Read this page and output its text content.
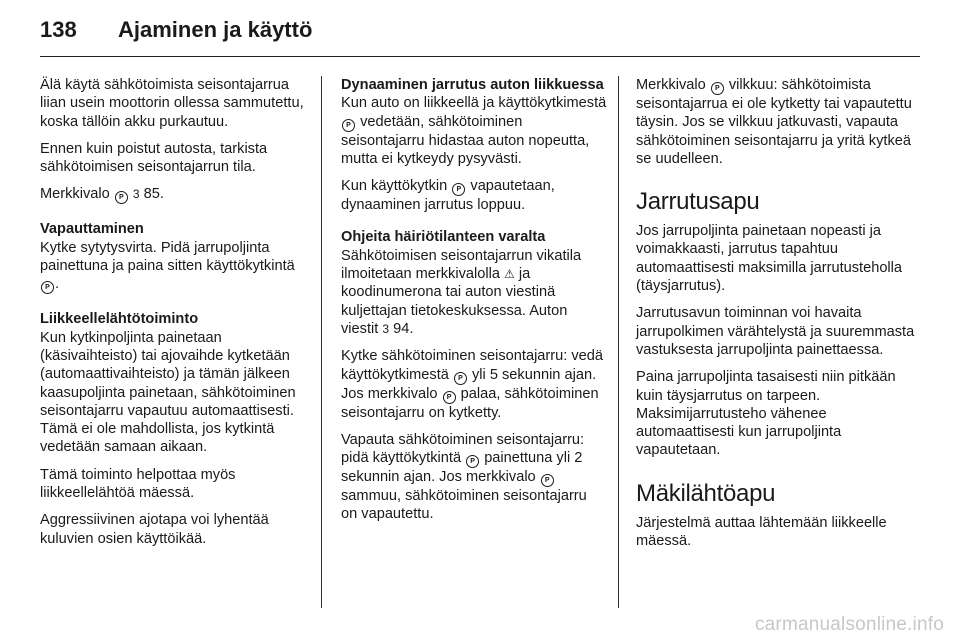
138	Ajaminen ja käyttö

Älä käytä sähkötoimista seisontajarrua liian usein moottorin ollessa sammutettu, koska tällöin akku purkautuu.

Ennen kuin poistut autosta, tarkista sähkötoimisen seisontajarrun tila.

Merkkivalo P 3 85.

Vapauttaminen

Kytke sytytysvirta. Pidä jarrupoljinta painettuna ja paina sitten käyttökytkintä P .

Liikkeellelähtötoiminto

Kun kytkinpoljinta painetaan (käsivaihteisto) tai ajovaihde kytketään (automaattivaihteisto) ja tämän jälkeen kaasupoljinta painetaan, sähkötoiminen seisontajarru vapautuu automaattisesti. Tämä ei ole mahdollista, jos kytkintä vedetään samaan aikaan.

Tämä toiminto helpottaa myös liikkeellelähtöä mäessä.

Aggressiivinen ajotapa voi lyhentää kuluvien osien käyttöikää.

Dynaaminen jarrutus auton liikkuessa

Kun auto on liikkeellä ja käyttökytkimestä P vedetään, sähkötoiminen seisontajarru hidastaa auton nopeutta, mutta ei kytkeydy pysyvästi.

Kun käyttökytkin P vapautetaan, dynaaminen jarrutus loppuu.

Ohjeita häiriötilanteen varalta

Sähkötoimisen seisontajarrun vikatila ilmoitetaan merkkivalolla ⚠ ja koodinumerona tai auton viestinä kuljettajan tietokeskuksessa. Auton viestit 3 94.

Kytke sähkötoiminen seisontajarru: vedä käyttökytkimestä P yli 5 sekunnin ajan. Jos merkkivalo P palaa, sähkötoiminen seisontajarru on kytketty.

Vapauta sähkötoiminen seisontajarru: pidä käyttökytkintä P painettuna yli 2 sekunnin ajan. Jos merkkivalo P sammuu, sähkötoiminen seisontajarru on vapautettu.

Merkkivalo P vilkkuu: sähkötoimista seisontajarrua ei ole kytketty tai vapautettu täysin. Jos se vilkkuu jatkuvasti, vapauta sähkötoiminen seisontajarru ja yritä kytkeä se uudelleen.

Jarrutusapu

Jos jarrupoljinta painetaan nopeasti ja voimakkaasti, jarrutus tapahtuu automaattisesti maksimilla jarrutusteholla (täysjarrutus).

Jarrutusavun toiminnan voi havaita jarrupolkimen värähtelystä ja suuremmasta vastuksesta jarrupoljinta painettaessa.

Paina jarrupoljinta tasaisesti niin pitkään kuin täysjarrutus on tarpeen. Maksimijarrutusteho vähenee automaattisesti kun jarrupoljinta vapautetaan.

Mäkilähtöapu

Järjestelmä auttaa lähtemään liikkeelle mäessä.

carmanualsonline.info
